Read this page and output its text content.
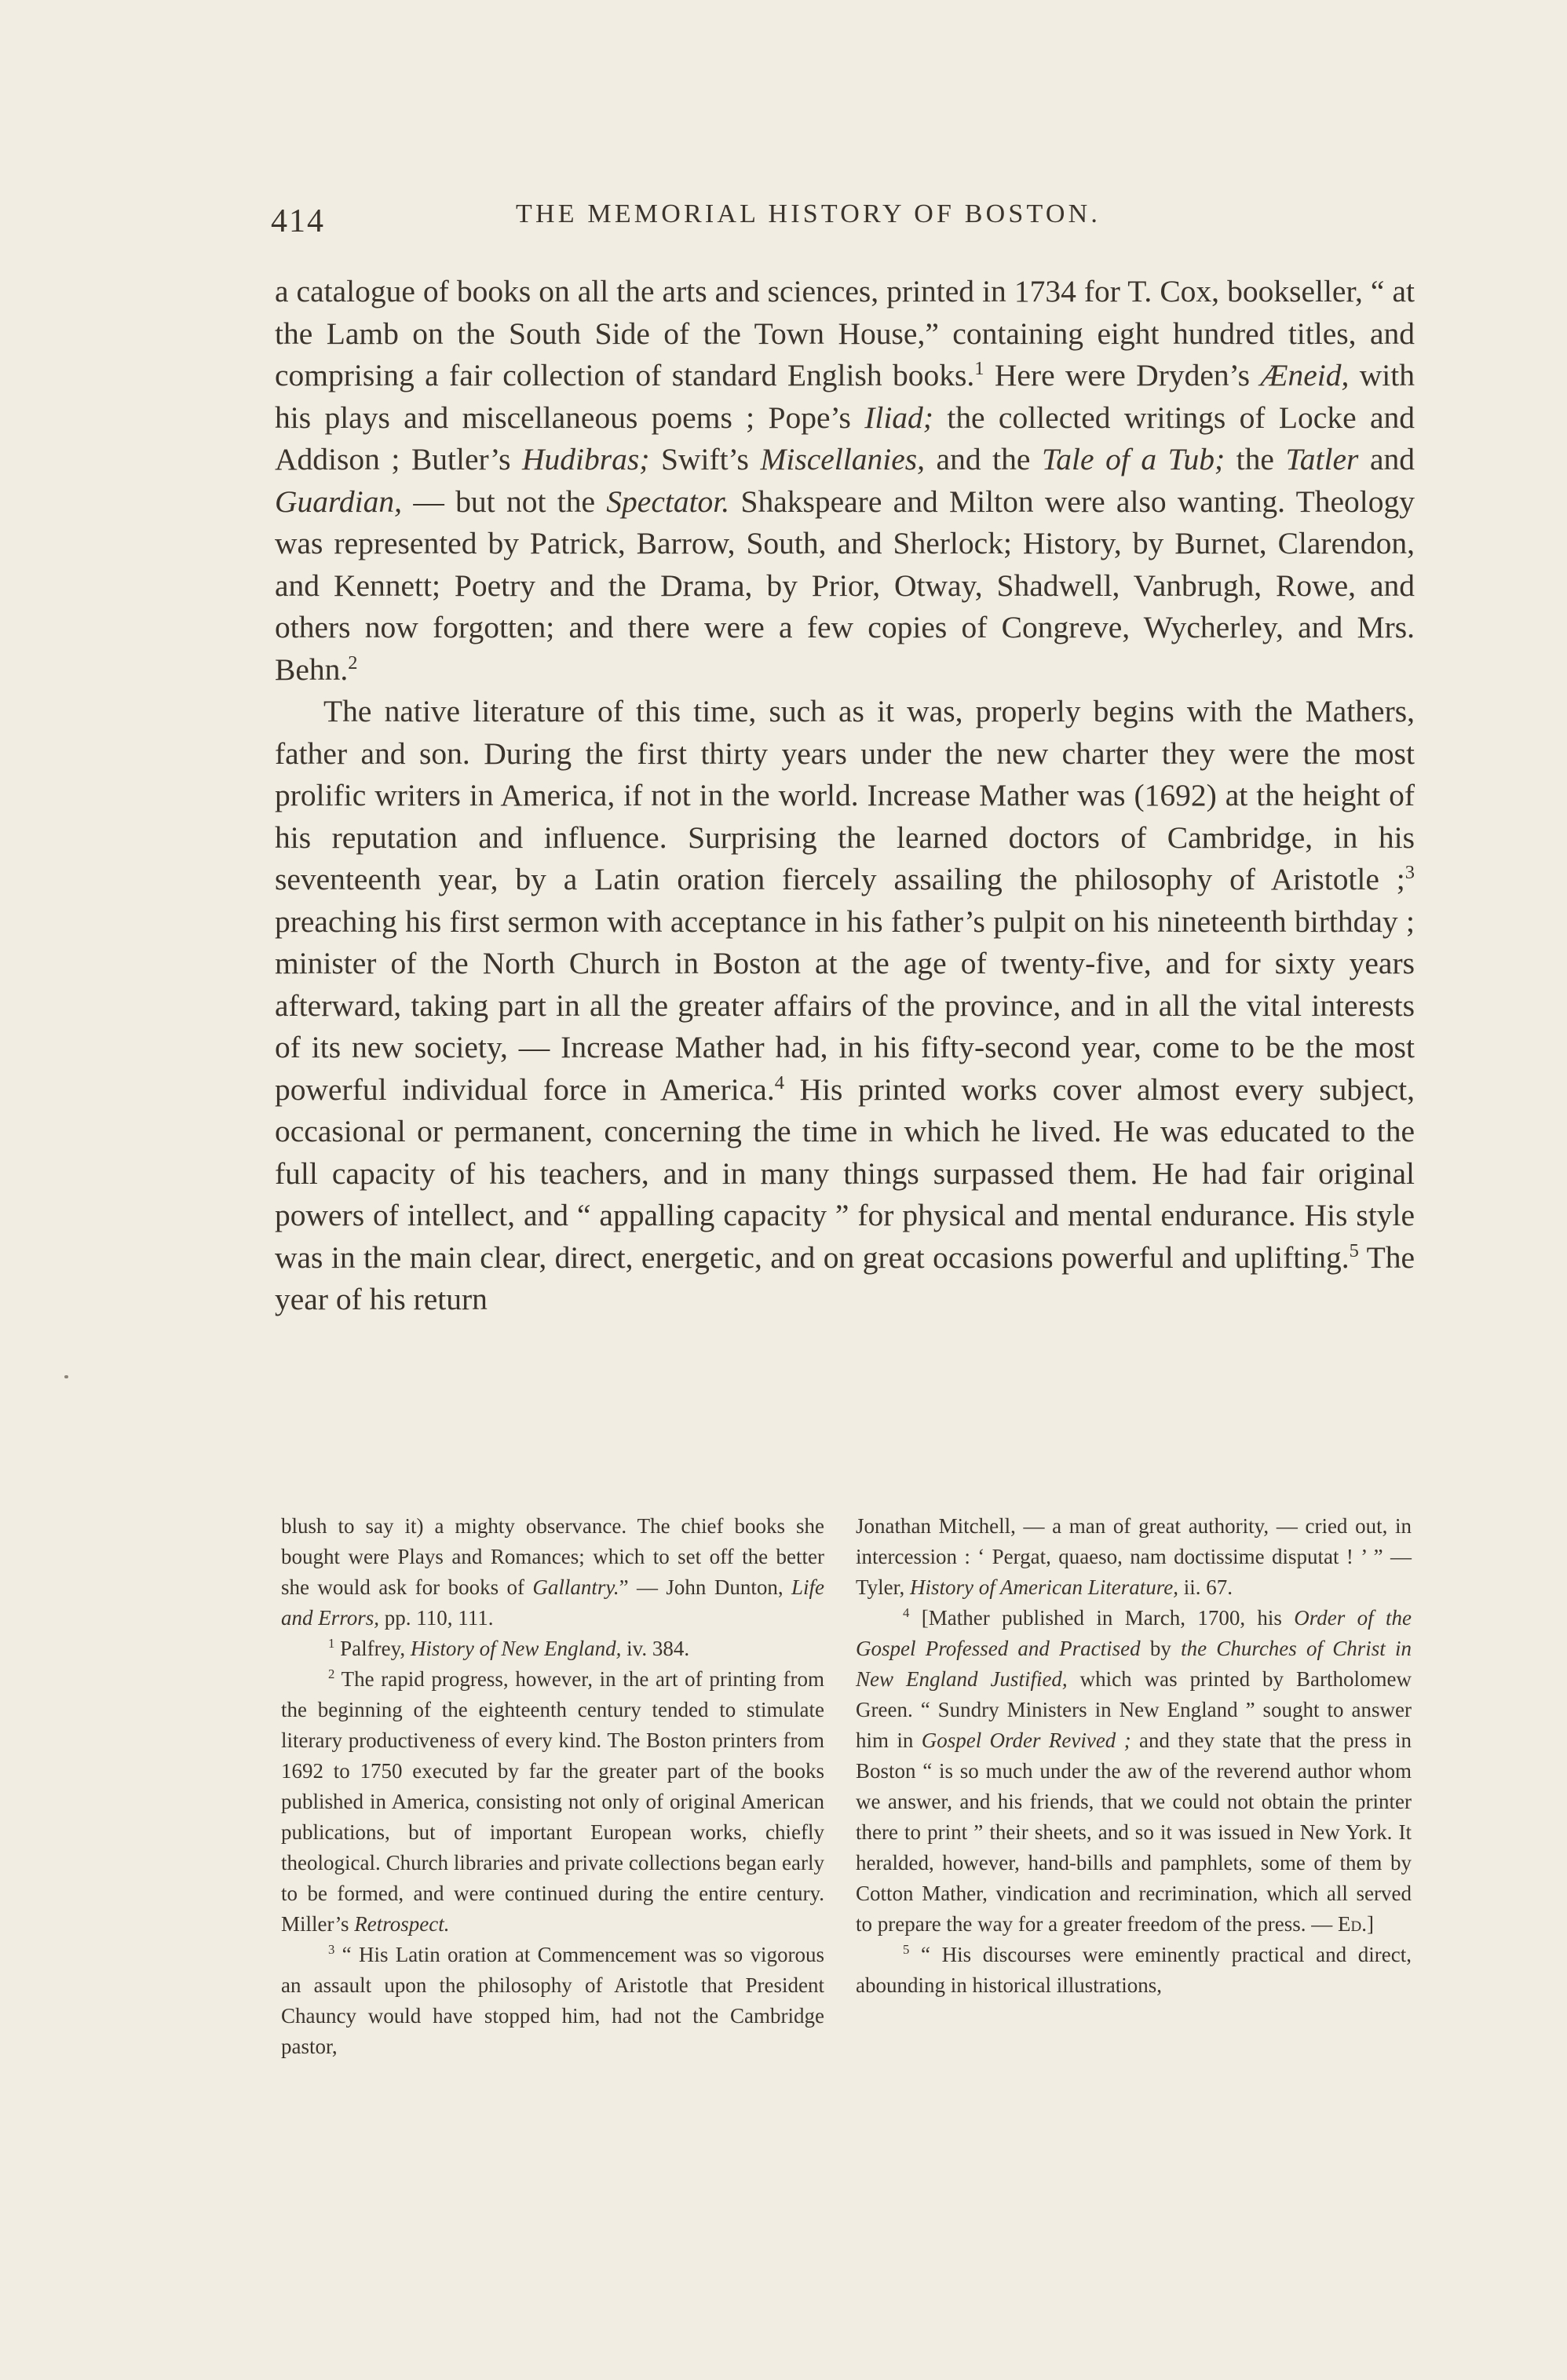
414	THE MEMORIAL HISTORY OF BOSTON.

a catalogue of books on all the arts and sciences, printed in 1734 for T. Cox, bookseller, “ at the Lamb on the South Side of the Town House,” containing eight hundred titles, and comprising a fair collection of standard English books.$^1$ Here were Dryden’s Æneid, with his plays and miscellaneous poems ; Pope’s Iliad; the collected writings of Locke and Addison ; Butler’s Hudibras; Swift’s Miscellanies, and the Tale of a Tub; the Tatler and Guardian, — but not the Spectator. Shakspeare and Milton were also wanting. Theology was represented by Patrick, Barrow, South, and Sherlock; History, by Burnet, Clarendon, and Kennett; Poetry and the Drama, by Prior, Otway, Shadwell, Vanbrugh, Rowe, and others now forgotten; and there were a few copies of Congreve, Wycherley, and Mrs. Behn.$^2$

The native literature of this time, such as it was, properly begins with the Mathers, father and son. During the first thirty years under the new charter they were the most prolific writers in America, if not in the world. Increase Mather was (1692) at the height of his reputation and influence. Surprising the learned doctors of Cambridge, in his seventeenth year, by a Latin oration fiercely assailing the philosophy of Aristotle ;$^3$ preaching his first sermon with acceptance in his father’s pulpit on his nineteenth birthday ; minister of the North Church in Boston at the age of twenty-five, and for sixty years afterward, taking part in all the greater affairs of the province, and in all the vital interests of its new society, — Increase Mather had, in his fifty-second year, come to be the most powerful individual force in America.$^4$ His printed works cover almost every subject, occasional or permanent, concerning the time in which he lived. He was educated to the full capacity of his teachers, and in many things surpassed them. He had fair original powers of intellect, and “ appalling capacity ” for physical and mental endurance. His style was in the main clear, direct, energetic, and on great occasions powerful and uplifting.$^5$ The year of his return

blush to say it) a mighty observance. The chief books she bought were Plays and Romances; which to set off the better she would ask for books of Gallantry.” — John Dunton, Life and Errors, pp. 110, 111.

$^1$ Palfrey, History of New England, iv. 384.

$^2$ The rapid progress, however, in the art of printing from the beginning of the eighteenth century tended to stimulate literary productiveness of every kind. The Boston printers from 1692 to 1750 executed by far the greater part of the books published in America, consisting not only of original American publications, but of important European works, chiefly theological. Church libraries and private collections began early to be formed, and were continued during the entire century. Miller’s Retrospect.

$^3$ “ His Latin oration at Commencement was so vigorous an assault upon the philosophy of Aristotle that President Chauncy would have stopped him, had not the Cambridge pastor,

Jonathan Mitchell, — a man of great authority, — cried out, in intercession : ‘ Pergat, quaeso, nam doctissime disputat ! ’ ” — Tyler, History of American Literature, ii. 67.

$^4$ [Mather published in March, 1700, his Order of the Gospel Professed and Practised by the Churches of Christ in New England Justified, which was printed by Bartholomew Green. “ Sundry Ministers in New England ” sought to answer him in Gospel Order Revived ; and they state that the press in Boston “ is so much under the aw of the reverend author whom we answer, and his friends, that we could not obtain the printer there to print ” their sheets, and so it was issued in New York. It heralded, however, hand-bills and pamphlets, some of them by Cotton Mather, vindication and recrimination, which all served to prepare the way for a greater freedom of the press. — Ed.]

$^5$ “ His discourses were eminently practical and direct, abounding in historical illustrations,
